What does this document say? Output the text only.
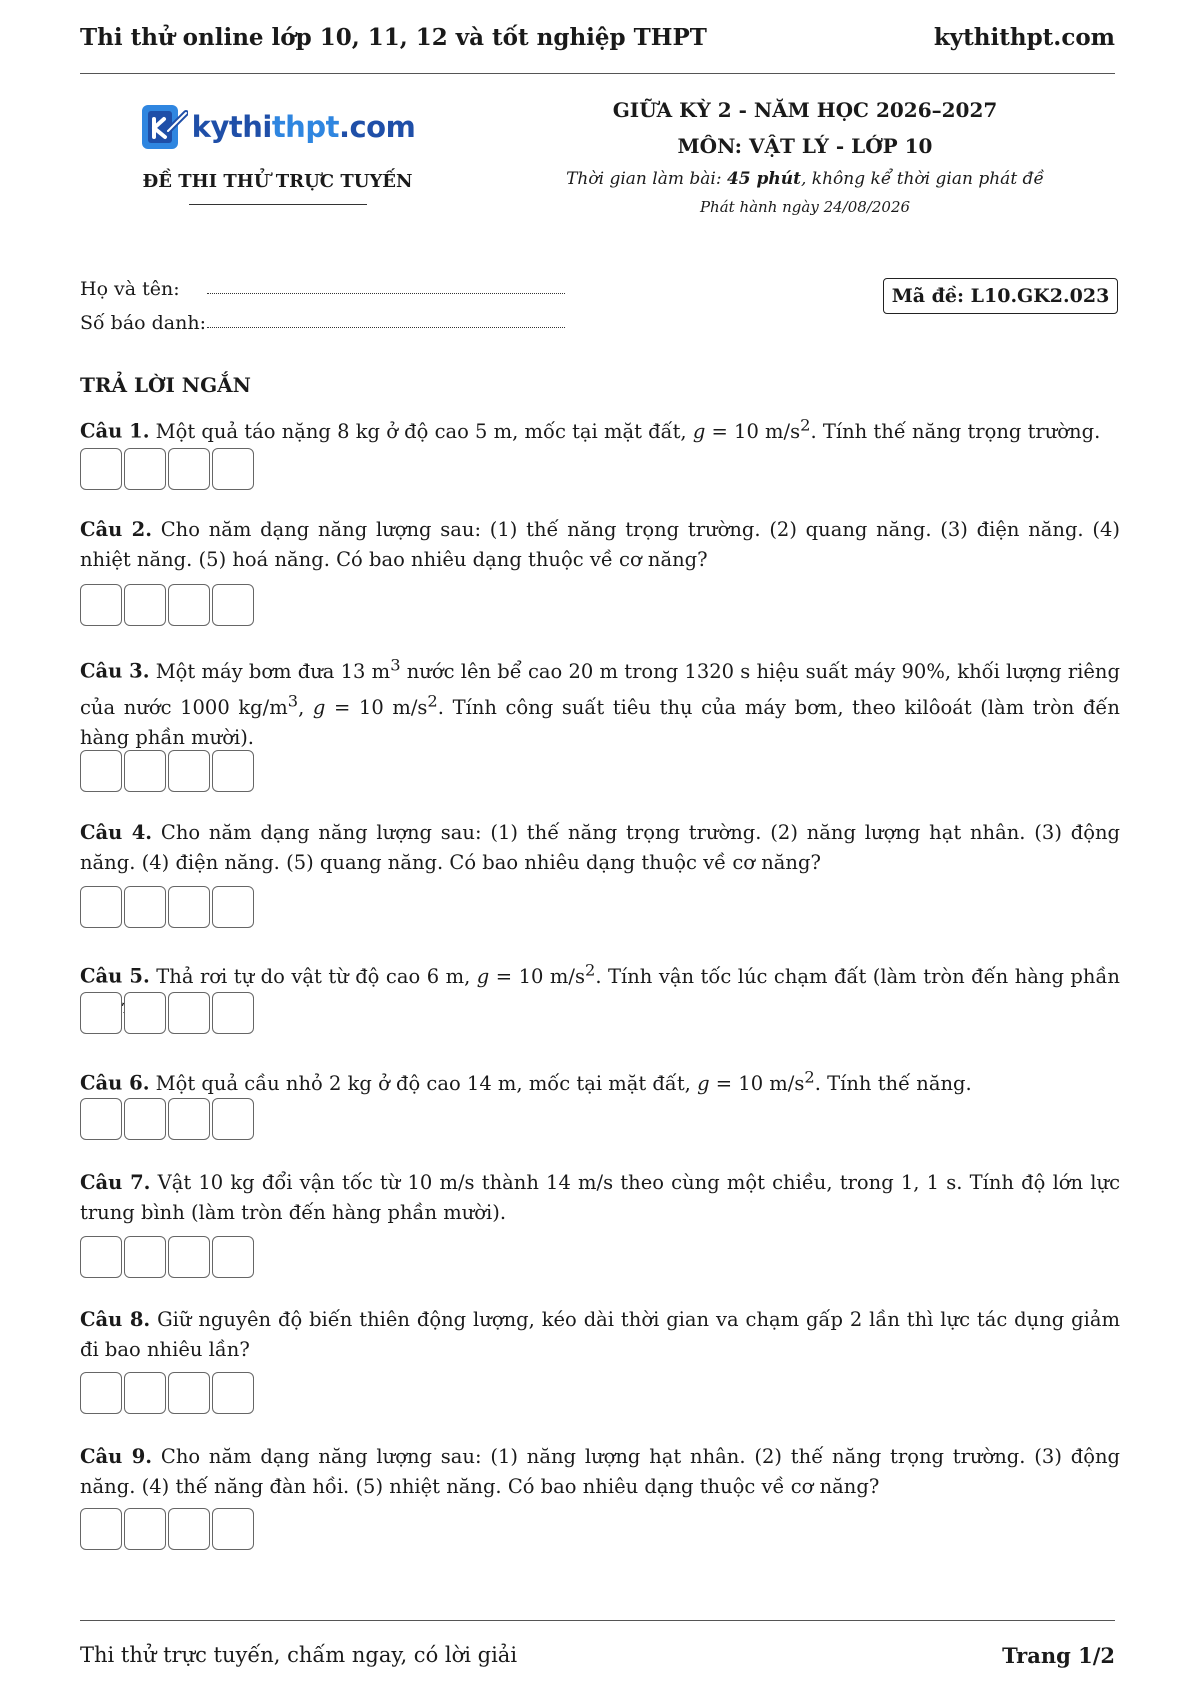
Thi thử online lớp 10, 11, 12 và tốt nghiệp THPT	kythithpt.com
kythithpt.com
ĐỀ THI THỬ TRỰC TUYẾN
GIỮA KỲ 2 - NĂM HỌC 2026–2027
MÔN: VẬT LÝ - LỚP 10
Thời gian làm bài: 45 phút, không kể thời gian phát đề
Phát hành ngày 24/08/2026
Họ và tên:
Số báo danh:
Mã đề: L10.GK2.023
TRẢ LỜI NGẮN
Câu 1. Một quả táo nặng 8 kg ở độ cao 5 m, mốc tại mặt đất, g = 10 $m/s^2$. Tính thế năng trọng trường.
Câu 2. Cho năm dạng năng lượng sau: (1) thế năng trọng trường. (2) quang năng. (3) điện năng. (4) nhiệt năng. (5) hoá năng. Có bao nhiêu dạng thuộc về cơ năng?
Câu 3. Một máy bơm đưa 13 $m^3$ nước lên bể cao 20 m trong 1320 s hiệu suất máy 90%, khối lượng riêng của nước 1000 $kg/m^3$, g = 10 $m/s^2$. Tính công suất tiêu thụ của máy bơm, theo kilôoát (làm tròn đến hàng phần mười).
Câu 4. Cho năm dạng năng lượng sau: (1) thế năng trọng trường. (2) năng lượng hạt nhân. (3) động năng. (4) điện năng. (5) quang năng. Có bao nhiêu dạng thuộc về cơ năng?
Câu 5. Thả rơi tự do vật từ độ cao 6 m, g = 10 $m/s^2$. Tính vận tốc lúc chạm đất (làm tròn đến hàng phần
Câu 6. Một quả cầu nhỏ 2 kg ở độ cao 14 m, mốc tại mặt đất, g = 10 $m/s^2$. Tính thế năng.
Câu 7. Vật 10 kg đổi vận tốc từ 10 m/s thành 14 m/s theo cùng một chiều, trong 1, 1 s. Tính độ lớn lực trung bình (làm tròn đến hàng phần mười).
Câu 8. Giữ nguyên độ biến thiên động lượng, kéo dài thời gian va chạm gấp 2 lần thì lực tác dụng giảm đi bao nhiêu lần?
Câu 9. Cho năm dạng năng lượng sau: (1) năng lượng hạt nhân. (2) thế năng trọng trường. (3) động năng. (4) thế năng đàn hồi. (5) nhiệt năng. Có bao nhiêu dạng thuộc về cơ năng?
Thi thử trực tuyến, chấm ngay, có lời giải	Trang 1/2
